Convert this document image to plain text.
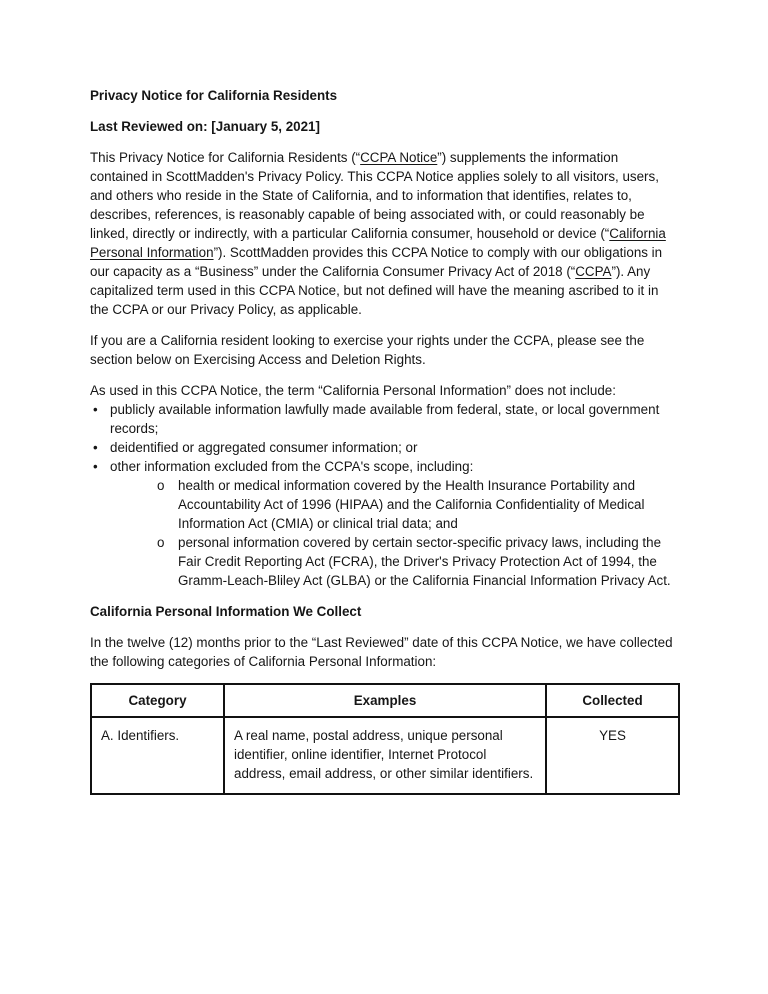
Privacy Notice for California Residents
Last Reviewed on: [January 5, 2021]
This Privacy Notice for California Residents (“CCPA Notice”) supplements the information contained in ScottMadden's Privacy Policy. This CCPA Notice applies solely to all visitors, users, and others who reside in the State of California, and to information that identifies, relates to, describes, references, is reasonably capable of being associated with, or could reasonably be linked, directly or indirectly, with a particular California consumer, household or device (“California Personal Information”). ScottMadden provides this CCPA Notice to comply with our obligations in our capacity as a “Business” under the California Consumer Privacy Act of 2018 (“CCPA”). Any capitalized term used in this CCPA Notice, but not defined will have the meaning ascribed to it in the CCPA or our Privacy Policy, as applicable.
If you are a California resident looking to exercise your rights under the CCPA, please see the section below on Exercising Access and Deletion Rights.
As used in this CCPA Notice, the term “California Personal Information” does not include:
• publicly available information lawfully made available from federal, state, or local government records;
• deidentified or aggregated consumer information; or
• other information excluded from the CCPA's scope, including:
o	health or medical information covered by the Health Insurance Portability and Accountability Act of 1996 (HIPAA) and the California Confidentiality of Medical Information Act (CMIA) or clinical trial data; and
o	personal information covered by certain sector-specific privacy laws, including the Fair Credit Reporting Act (FCRA), the Driver's Privacy Protection Act of 1994, the Gramm-Leach-Bliley Act (GLBA) or the California Financial Information Privacy Act.
California Personal Information We Collect
In the twelve (12) months prior to the “Last Reviewed” date of this CCPA Notice, we have collected the following categories of California Personal Information:
Category	Examples	Collected
A. Identifiers.	A real name, postal address, unique personal identifier, online identifier, Internet Protocol address, email address, or other similar identifiers.	YES
